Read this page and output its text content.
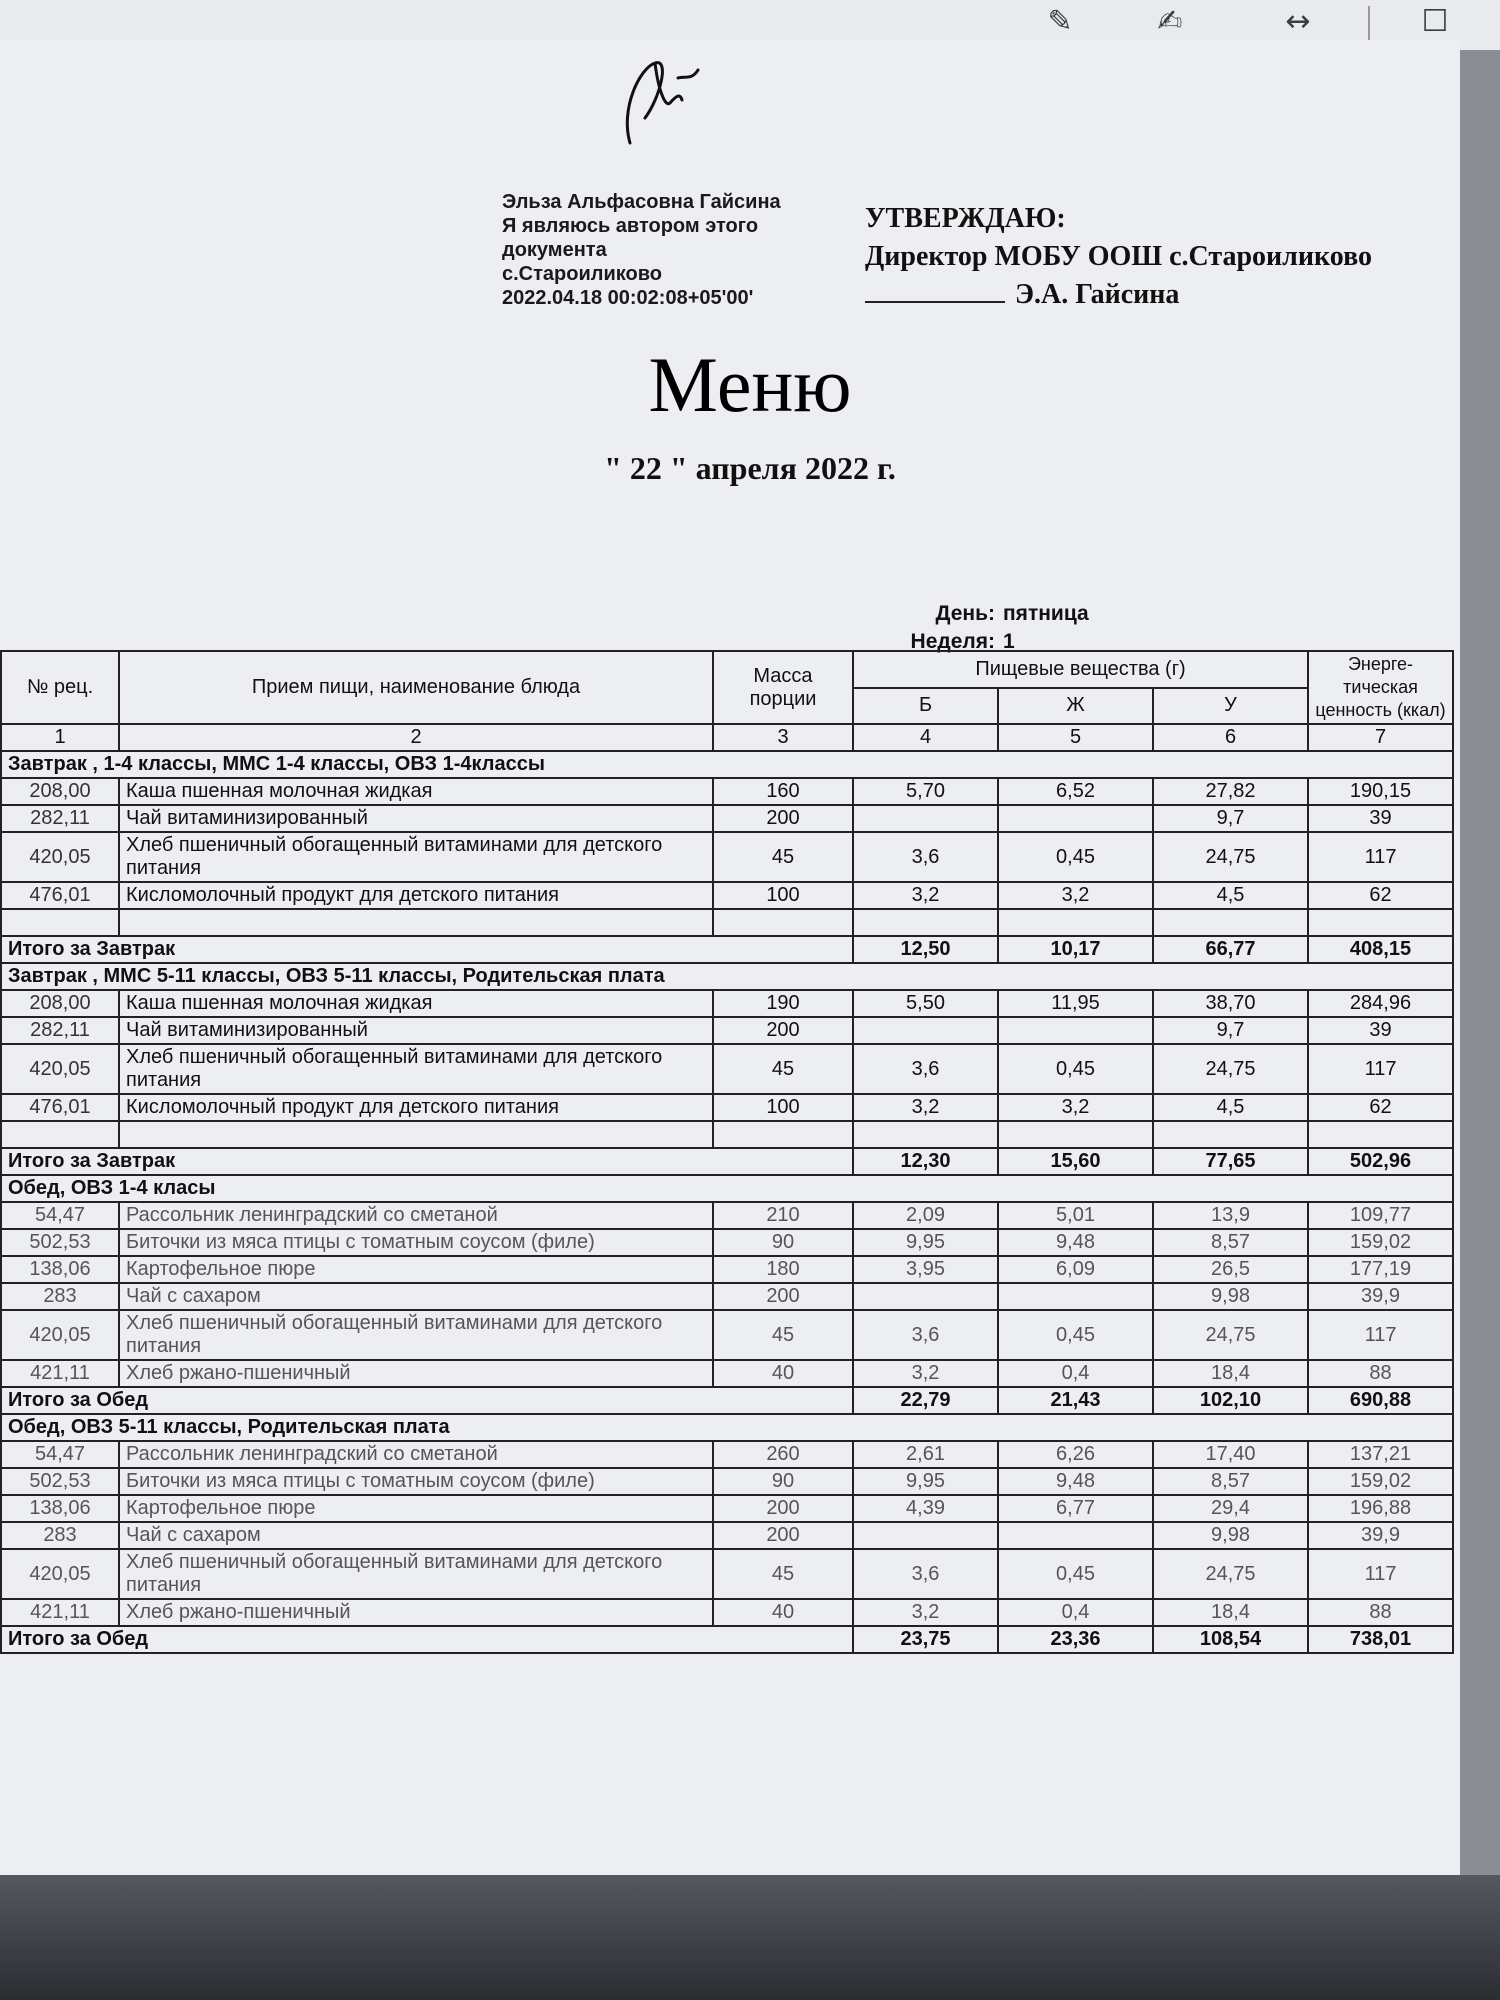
✎	✍	↔	☐
Эльза Альфасовна Гайсина
Я являюсь автором этого
документа
с.Староиликово
2022.04.18 00:02:08+05'00'
УТВЕРЖДАЮ:
Директор МОБУ ООШ с.Староиликово
Э.А. Гайсина
Меню
" 22 " апреля 2022 г.
День: пятница
Неделя: 1
№ рец.	Прием пищи, наименование блюда	Масса порции	Пищевые вещества (г)			Энерге-тическая ценность (ккал)
			Б	Ж	У	
1	2	3	4	5	6	7
Завтрак , 1-4 классы, ММС 1-4 классы, ОВЗ 1-4классы						
208,00	Каша пшенная молочная жидкая	160	5,70	6,52	27,82	190,15
282,11	Чай витаминизированный	200			9,7	39
420,05	Хлеб пшеничный обогащенный витаминами для детского питания	45	3,6	0,45	24,75	117
476,01	Кисломолочный продукт для детского питания	100	3,2	3,2	4,5	62

Итого за Завтрак			12,50	10,17	66,77	408,15
Завтрак , ММС 5-11 классы, ОВЗ 5-11 классы, Родительская плата						
208,00	Каша пшенная молочная жидкая	190	5,50	11,95	38,70	284,96
282,11	Чай витаминизированный	200			9,7	39
420,05	Хлеб пшеничный обогащенный витаминами для детского питания	45	3,6	0,45	24,75	117
476,01	Кисломолочный продукт для детского питания	100	3,2	3,2	4,5	62

Итого за Завтрак			12,30	15,60	77,65	502,96
Обед, ОВЗ 1-4 класы						
54,47	Рассольник ленинградский со сметаной	210	2,09	5,01	13,9	109,77
502,53	Биточки из мяса птицы с томатным соусом (филе)	90	9,95	9,48	8,57	159,02
138,06	Картофельное пюре	180	3,95	6,09	26,5	177,19
283	Чай с сахаром	200			9,98	39,9
420,05	Хлеб пшеничный обогащенный витаминами для детского питания	45	3,6	0,45	24,75	117
421,11	Хлеб ржано-пшеничный	40	3,2	0,4	18,4	88
Итого за Обед			22,79	21,43	102,10	690,88
Обед, ОВЗ 5-11 классы, Родительская плата						
54,47	Рассольник ленинградский со сметаной	260	2,61	6,26	17,40	137,21
502,53	Биточки из мяса птицы с томатным соусом (филе)	90	9,95	9,48	8,57	159,02
138,06	Картофельное пюре	200	4,39	6,77	29,4	196,88
283	Чай с сахаром	200			9,98	39,9
420,05	Хлеб пшеничный обогащенный витаминами для детского питания	45	3,6	0,45	24,75	117
421,11	Хлеб ржано-пшеничный	40	3,2	0,4	18,4	88
Итого за Обед			23,75	23,36	108,54	738,01
